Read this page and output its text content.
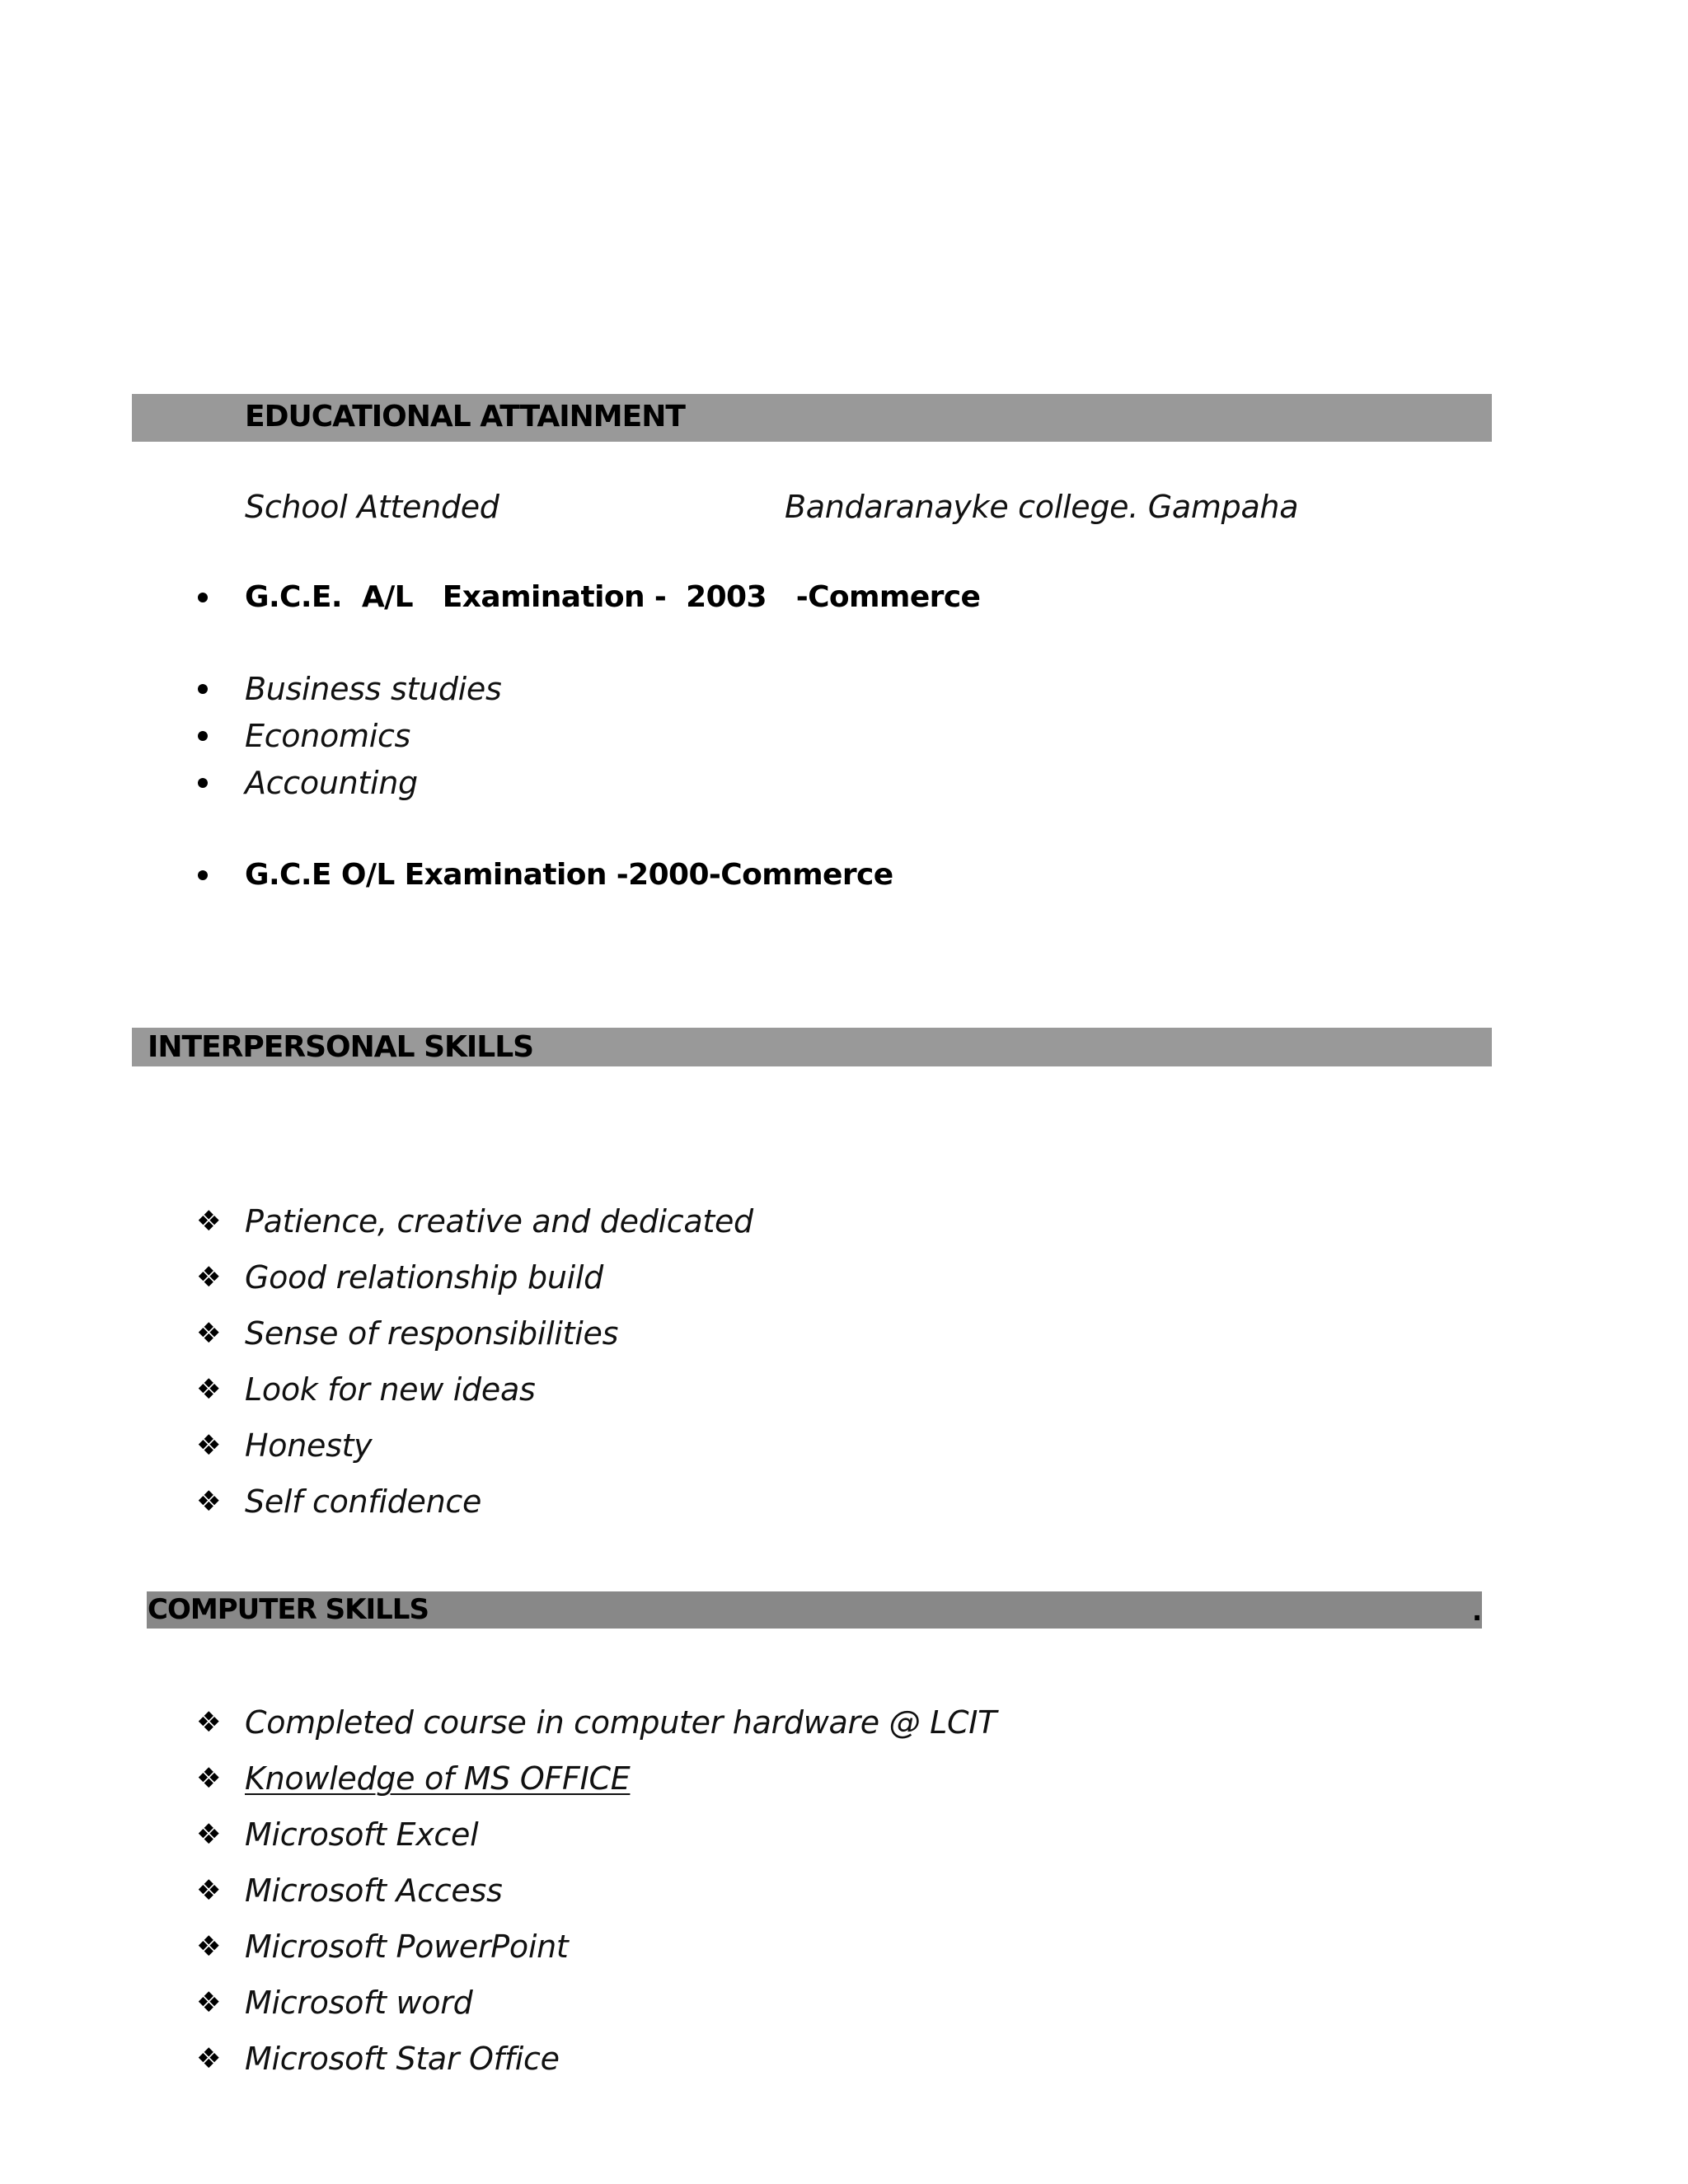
EDUCATIONAL ATTAINMENT
School Attended	Bandaranayke college. Gampaha
G.C.E.  A/L   Examination -  2003   -Commerce
Business studies
Economics
Accounting
G.C.E O/L Examination -2000-Commerce
INTERPERSONAL SKILLS
❖ Patience, creative and dedicated
❖ Good relationship build
❖ Sense of responsibilities
❖ Look for new ideas
❖ Honesty
❖ Self confidence
COMPUTER SKILLS	.
❖ Completed course in computer hardware @ LCIT
❖ Knowledge of MS OFFICE
❖ Microsoft Excel
❖ Microsoft Access
❖ Microsoft PowerPoint
❖ Microsoft word
❖ Microsoft Star Office
